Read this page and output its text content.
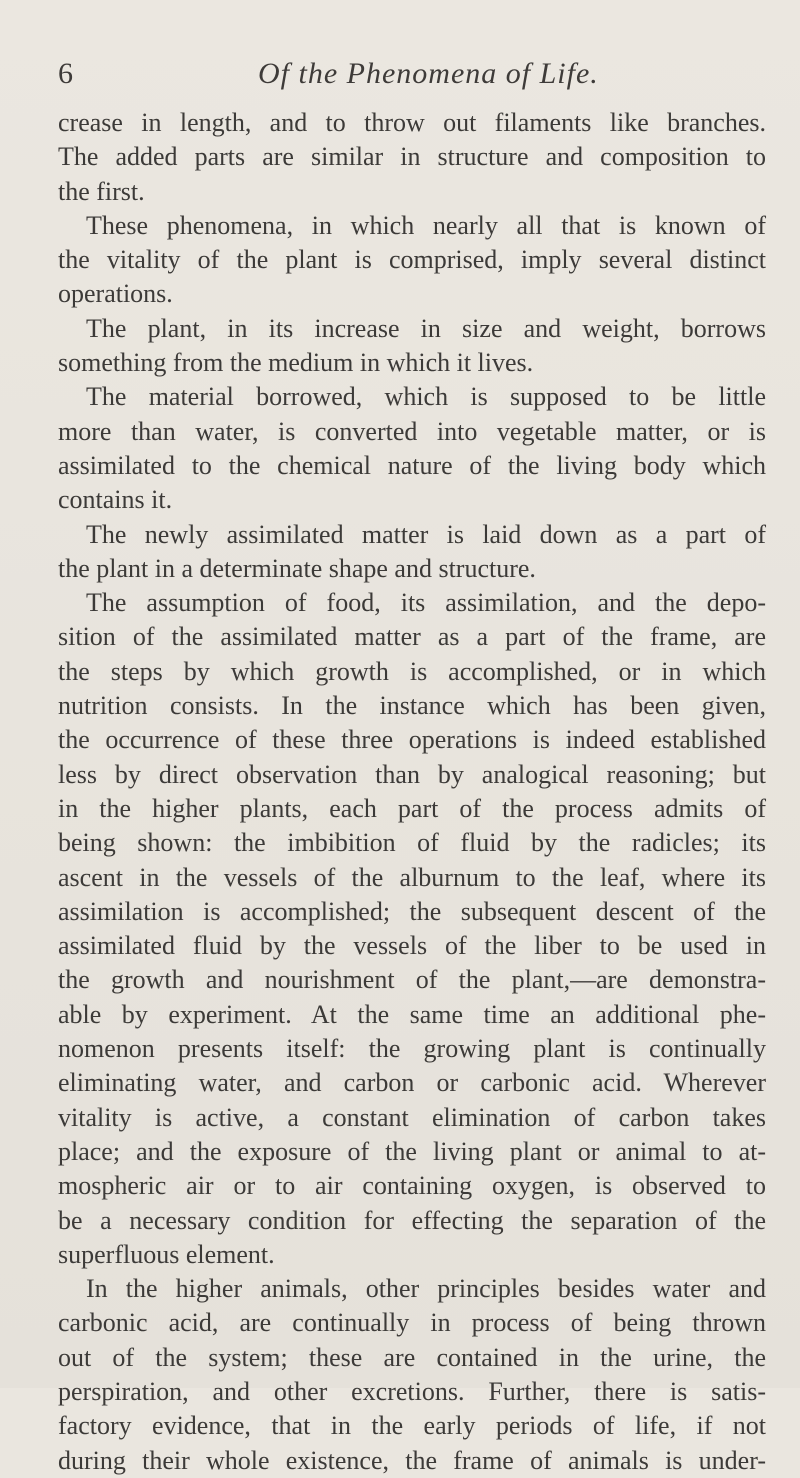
6	Of the Phenomena of Life.
crease in length, and to throw out filaments like branches.
The added parts are similar in structure and composition to
the first.
These phenomena, in which nearly all that is known of
the vitality of the plant is comprised, imply several distinct
operations.
The plant, in its increase in size and weight, borrows
something from the medium in which it lives.
The material borrowed, which is supposed to be little
more than water, is converted into vegetable matter, or is
assimilated to the chemical nature of the living body which
contains it.
The newly assimilated matter is laid down as a part of
the plant in a determinate shape and structure.
The assumption of food, its assimilation, and the depo-
sition of the assimilated matter as a part of the frame, are
the steps by which growth is accomplished, or in which
nutrition consists. In the instance which has been given,
the occurrence of these three operations is indeed established
less by direct observation than by analogical reasoning; but
in the higher plants, each part of the process admits of
being shown: the imbibition of fluid by the radicles; its
ascent in the vessels of the alburnum to the leaf, where its
assimilation is accomplished; the subsequent descent of the
assimilated fluid by the vessels of the liber to be used in
the growth and nourishment of the plant,—are demonstra-
able by experiment. At the same time an additional phe-
nomenon presents itself: the growing plant is continually
eliminating water, and carbon or carbonic acid. Wherever
vitality is active, a constant elimination of carbon takes
place; and the exposure of the living plant or animal to at-
mospheric air or to air containing oxygen, is observed to
be a necessary condition for effecting the separation of the
superfluous element.
In the higher animals, other principles besides water and
carbonic acid, are continually in process of being thrown
out of the system; these are contained in the urine, the
perspiration, and other excretions. Further, there is satis-
factory evidence, that in the early periods of life, if not
during their whole existence, the frame of animals is under-
